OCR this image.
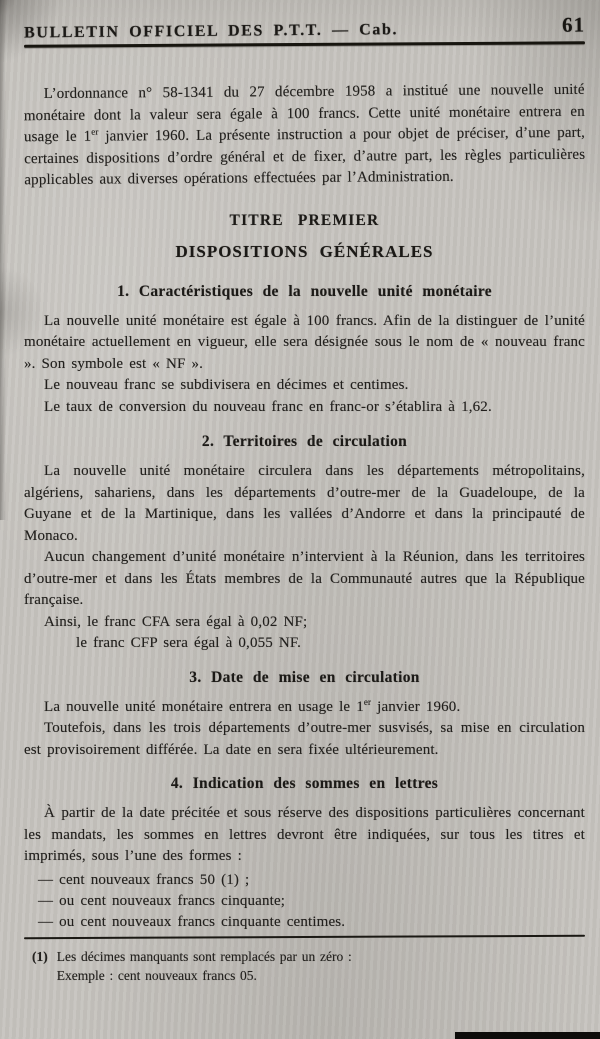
BULLETIN OFFICIEL DES P.T.T. — Cab.	61

L’ordonnance n° 58-1341 du 27 décembre 1958 a institué une nouvelle unité monétaire dont la valeur sera égale à 100 francs. Cette unité monétaire entrera en usage le 1er janvier 1960. La présente instruction a pour objet de préciser, d’une part, certaines dispositions d’ordre général et de fixer, d’autre part, les règles particulières applicables aux diverses opérations effectuées par l’Administration.

TITRE PREMIER
DISPOSITIONS GÉNÉRALES
1. Caractéristiques de la nouvelle unité monétaire

La nouvelle unité monétaire est égale à 100 francs. Afin de la distinguer de l’unité monétaire actuellement en vigueur, elle sera désignée sous le nom de « nouveau franc ». Son symbole est « NF ».

Le nouveau franc se subdivisera en décimes et centimes.

Le taux de conversion du nouveau franc en franc-or s’établira à 1,62.

2. Territoires de circulation

La nouvelle unité monétaire circulera dans les départements métropolitains, algériens, sahariens, dans les départements d’outre-mer de la Guadeloupe, de la Guyane et de la Martinique, dans les vallées d’Andorre et dans la principauté de Monaco.

Aucun changement d’unité monétaire n’intervient à la Réunion, dans les territoires d’outre-mer et dans les États membres de la Communauté autres que la République française.

Ainsi, le franc CFA sera égal à 0,02 NF;

le franc CFP sera égal à 0,055 NF.

3. Date de mise en circulation

La nouvelle unité monétaire entrera en usage le 1er janvier 1960.

Toutefois, dans les trois départements d’outre-mer susvisés, sa mise en circulation est provisoirement différée. La date en sera fixée ultérieurement.

4. Indication des sommes en lettres

À partir de la date précitée et sous réserve des dispositions particulières concernant les mandats, les sommes en lettres devront être indiquées, sur tous les titres et imprimés, sous l’une des formes :

— cent nouveaux francs 50 (1) ;

— ou cent nouveaux francs cinquante;

— ou cent nouveaux francs cinquante centimes.

(1) Les décimes manquants sont remplacés par un zéro :
Exemple : cent nouveaux francs 05.
